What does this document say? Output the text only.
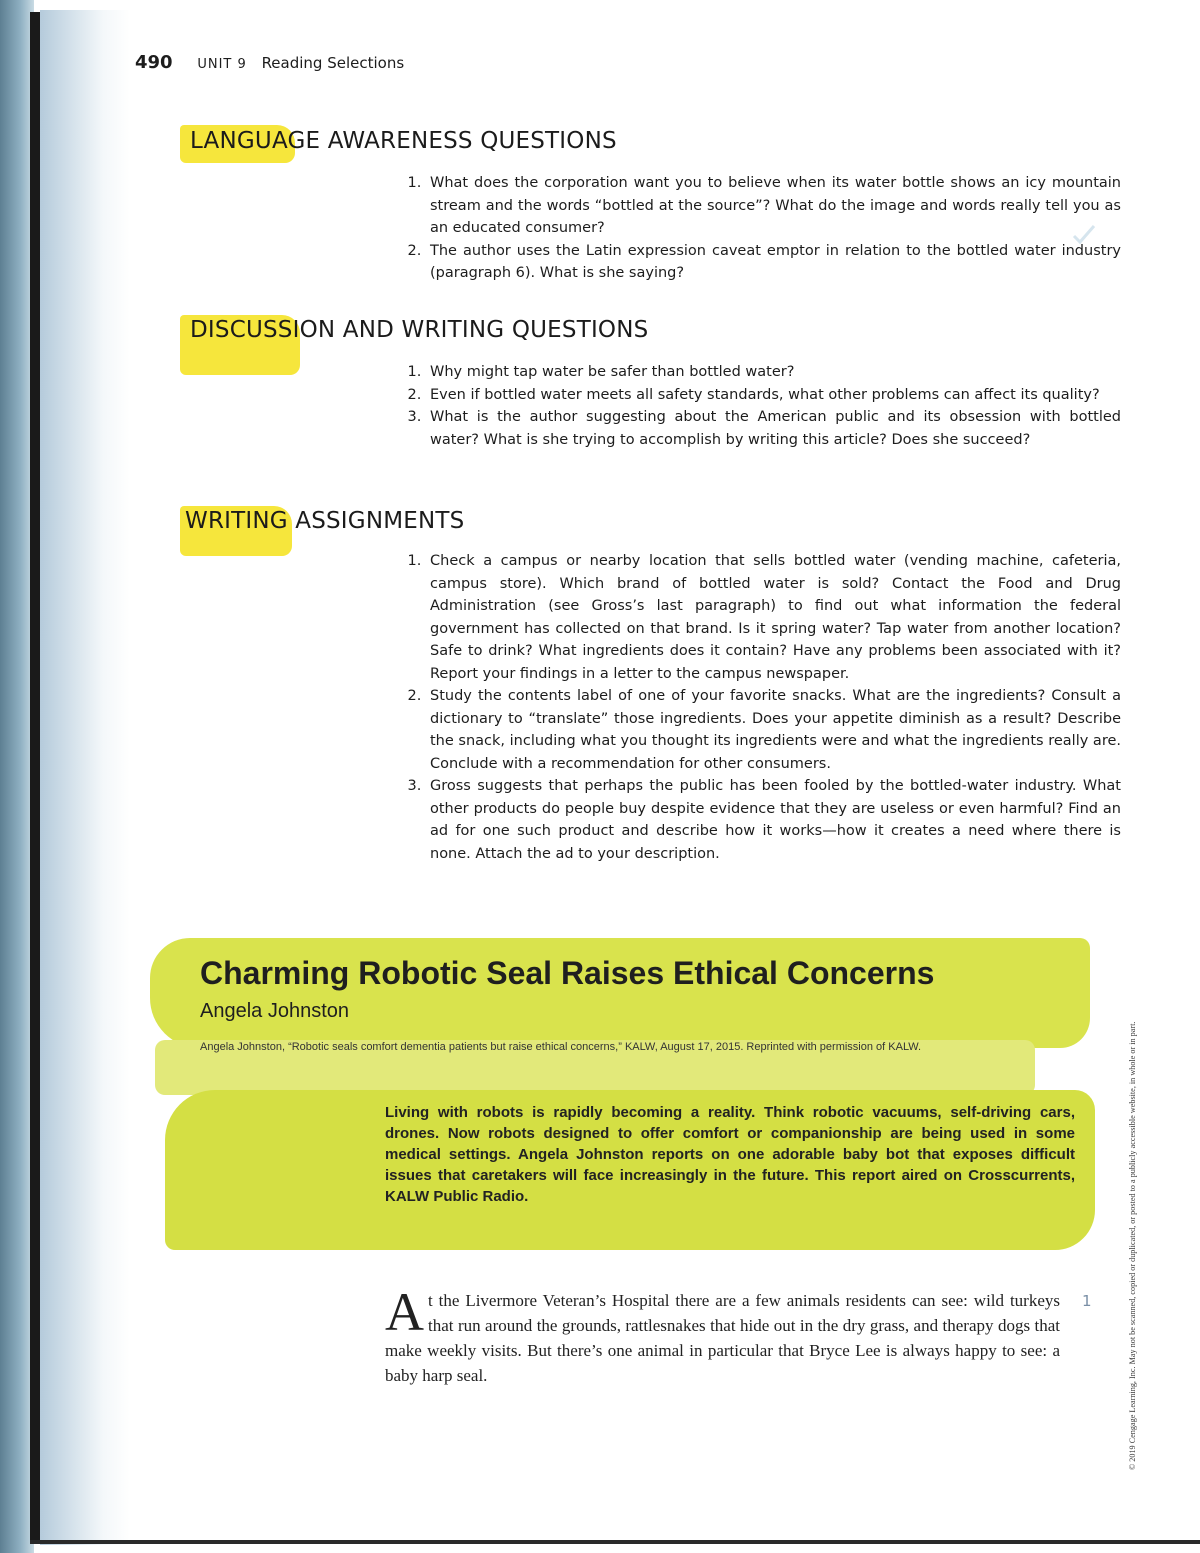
490 UNIT 9 Reading Selections
LANGUAGE AWARENESS QUESTIONS
1. What does the corporation want you to believe when its water bottle shows an icy mountain stream and the words “bottled at the source”? What do the image and words really tell you as an educated consumer?
2. The author uses the Latin expression caveat emptor in relation to the bottled water industry (paragraph 6). What is she saying?
DISCUSSION AND WRITING QUESTIONS
1. Why might tap water be safer than bottled water?
2. Even if bottled water meets all safety standards, what other problems can affect its quality?
3. What is the author suggesting about the American public and its obsession with bottled water? What is she trying to accomplish by writing this article? Does she succeed?
WRITING ASSIGNMENTS
1. Check a campus or nearby location that sells bottled water (vending machine, cafeteria, campus store). Which brand of bottled water is sold? Contact the Food and Drug Administration (see Gross’s last paragraph) to find out what information the federal government has collected on that brand. Is it spring water? Tap water from another location? Safe to drink? What ingredients does it contain? Have any problems been associated with it? Report your findings in a letter to the campus newspaper.
2. Study the contents label of one of your favorite snacks. What are the ingredients? Consult a dictionary to “translate” those ingredients. Does your appetite diminish as a result? Describe the snack, including what you thought its ingredients were and what the ingredients really are. Conclude with a recommendation for other consumers.
3. Gross suggests that perhaps the public has been fooled by the bottled-water industry. What other products do people buy despite evidence that they are useless or even harmful? Find an ad for one such product and describe how it works—how it creates a need where there is none. Attach the ad to your description.
Charming Robotic Seal Raises Ethical Concerns
Angela Johnston
Angela Johnston, “Robotic seals comfort dementia patients but raise ethical concerns,” KALW, August 17, 2015. Reprinted with permission of KALW.
Living with robots is rapidly becoming a reality. Think robotic vacuums, self-driving cars, drones. Now robots designed to offer comfort or companionship are being used in some medical settings. Angela Johnston reports on one adorable baby bot that exposes difficult issues that caretakers will face increasingly in the future. This report aired on Crosscurrents, KALW Public Radio.
A t the Livermore Veteran’s Hospital there are a few animals residents can see: wild turkeys that run around the grounds, rattlesnakes that hide out in the dry grass, and therapy dogs that make weekly visits. But there’s one animal in particular that Bryce Lee is always happy to see: a baby harp seal.
1	© 2019 Cengage Learning, Inc. May not be scanned, copied or duplicated, or posted to a publicly accessible website, in whole or in part.
